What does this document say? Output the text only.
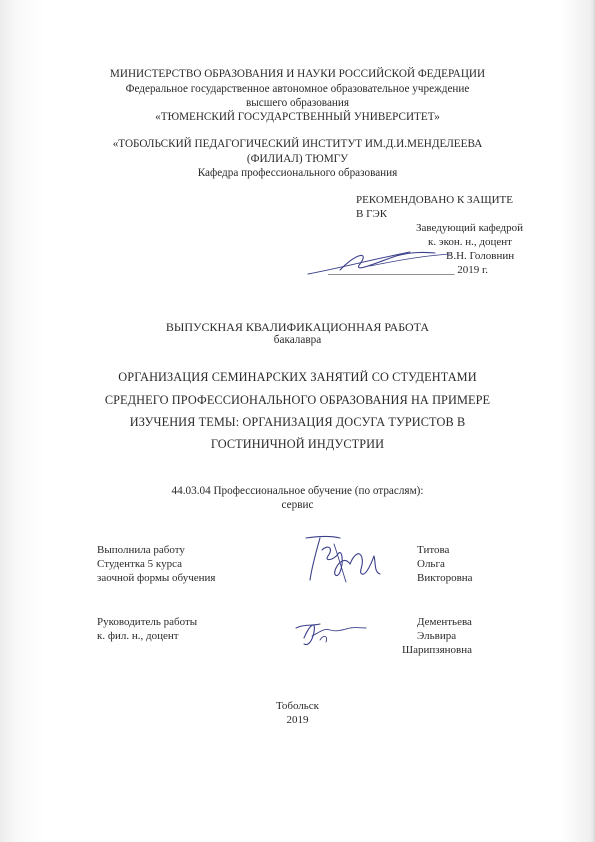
МИНИСТЕРСТВО ОБРАЗОВАНИЯ И НАУКИ РОССИЙСКОЙ ФЕДЕРАЦИИ
Федеральное государственное автономное образовательное учреждение
высшего образования
«ТЮМЕНСКИЙ ГОСУДАРСТВЕННЫЙ УНИВЕРСИТЕТ»
«ТОБОЛЬСКИЙ ПЕДАГОГИЧЕСКИЙ ИНСТИТУТ ИМ.Д.И.МЕНДЕЛЕЕВА
(ФИЛИАЛ) ТЮМГУ
Кафедра профессионального образования
РЕКОМЕНДОВАНО К ЗАЩИТЕ
В ГЭК
Заведующий кафедрой
к. экон. н., доцент
В.Н. Головнин
_______________________ 2019 г.
ВЫПУСКНАЯ КВАЛИФИКАЦИОННАЯ РАБОТА
бакалавра
ОРГАНИЗАЦИЯ СЕМИНАРСКИХ ЗАНЯТИЙ СО СТУДЕНТАМИ
СРЕДНЕГО ПРОФЕССИОНАЛЬНОГО ОБРАЗОВАНИЯ НА ПРИМЕРЕ
ИЗУЧЕНИЯ ТЕМЫ: ОРГАНИЗАЦИЯ ДОСУГА ТУРИСТОВ В
ГОСТИНИЧНОЙ ИНДУСТРИИ
44.03.04 Профессиональное обучение (по отраслям):
сервис
Выполнила работу
Студентка 5 курса
заочной формы обучения
Титова
Ольга
Викторовна
Руководитель работы
к. фил. н., доцент
Дементьева
Эльвира
Шарипзяновна
Тобольск
2019
